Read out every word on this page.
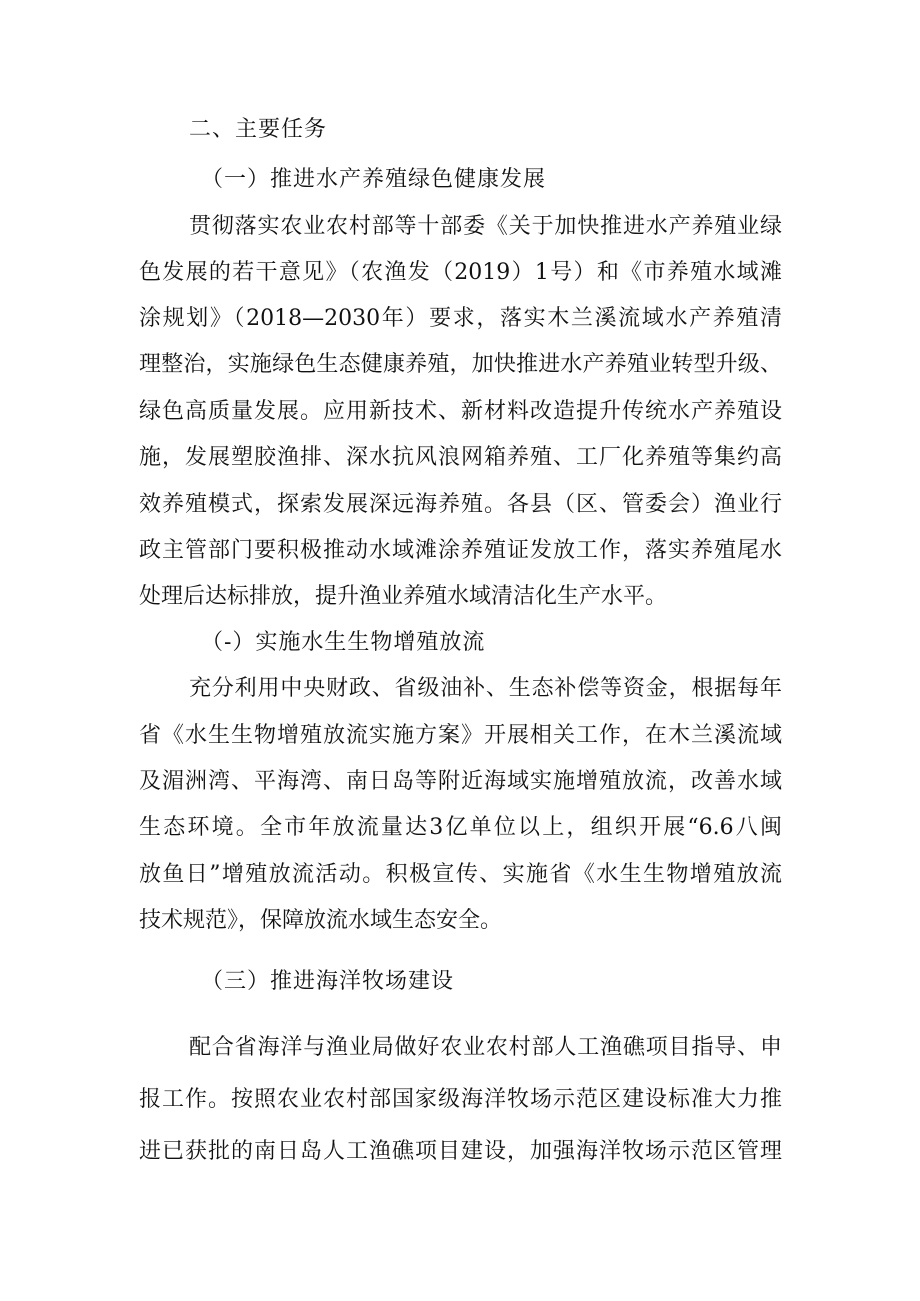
二、主要任务
（一）推进水产养殖绿色健康发展
贯彻落实农业农村部等十部委《关于加快推进水产养殖业绿
色发展的若干意见》（农渔发（2019）1号）和《市养殖水域滩
涂规划》（2018—2030年）要求，落实木兰溪流域水产养殖清
理整治，实施绿色生态健康养殖，加快推进水产养殖业转型升级、
绿色高质量发展。应用新技术、新材料改造提升传统水产养殖设
施，发展塑胶渔排、深水抗风浪网箱养殖、工厂化养殖等集约高
效养殖模式，探索发展深远海养殖。各县（区、管委会）渔业行
政主管部门要积极推动水域滩涂养殖证发放工作，落实养殖尾水
处理后达标排放，提升渔业养殖水域清洁化生产水平。
（-）实施水生生物增殖放流
充分利用中央财政、省级油补、生态补偿等资金，根据每年
省《水生生物增殖放流实施方案》开展相关工作，在木兰溪流域
及湄洲湾、平海湾、南日岛等附近海域实施增殖放流，改善水域
生态环境。全市年放流量达3亿单位以上，组织开展“6.6八闽
放鱼日”增殖放流活动。积极宣传、实施省《水生生物增殖放流
技术规范》，保障放流水域生态安全。
（三）推进海洋牧场建设
配合省海洋与渔业局做好农业农村部人工渔礁项目指导、申
报工作。按照农业农村部国家级海洋牧场示范区建设标准大力推
进已获批的南日岛人工渔礁项目建设，加强海洋牧场示范区管理
